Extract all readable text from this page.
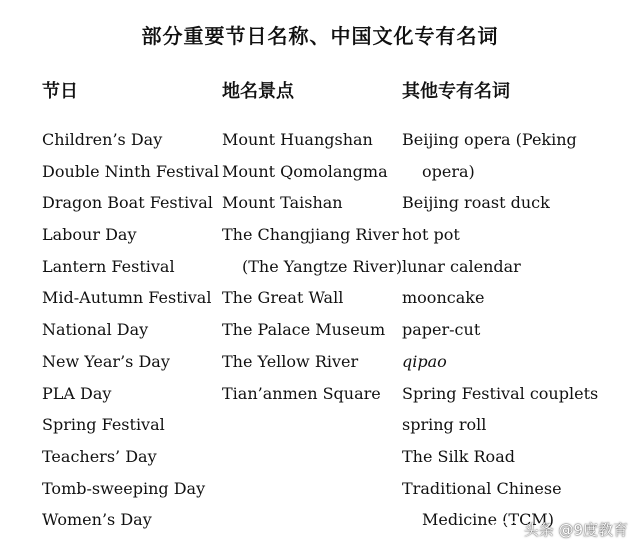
部分重要节日名称、中国文化专有名词
节日
Children’s Day
Double Ninth Festival
Dragon Boat Festival
Labour Day
Lantern Festival
Mid-Autumn Festival
National Day
New Year’s Day
PLA Day
Spring Festival
Teachers’ Day
Tomb-sweeping Day
Women’s Day
地名景点
Mount Huangshan
Mount Qomolangma
Mount Taishan
The Changjiang River
(The Yangtze River)
The Great Wall
The Palace Museum
The Yellow River
Tian’anmen Square
其他专有名词
Beijing opera (Peking
opera)
Beijing roast duck
hot pot
lunar calendar
mooncake
paper-cut
qipao
Spring Festival couplets
spring roll
The Silk Road
Traditional Chinese
Medicine (TCM)
头条 @9度教育
